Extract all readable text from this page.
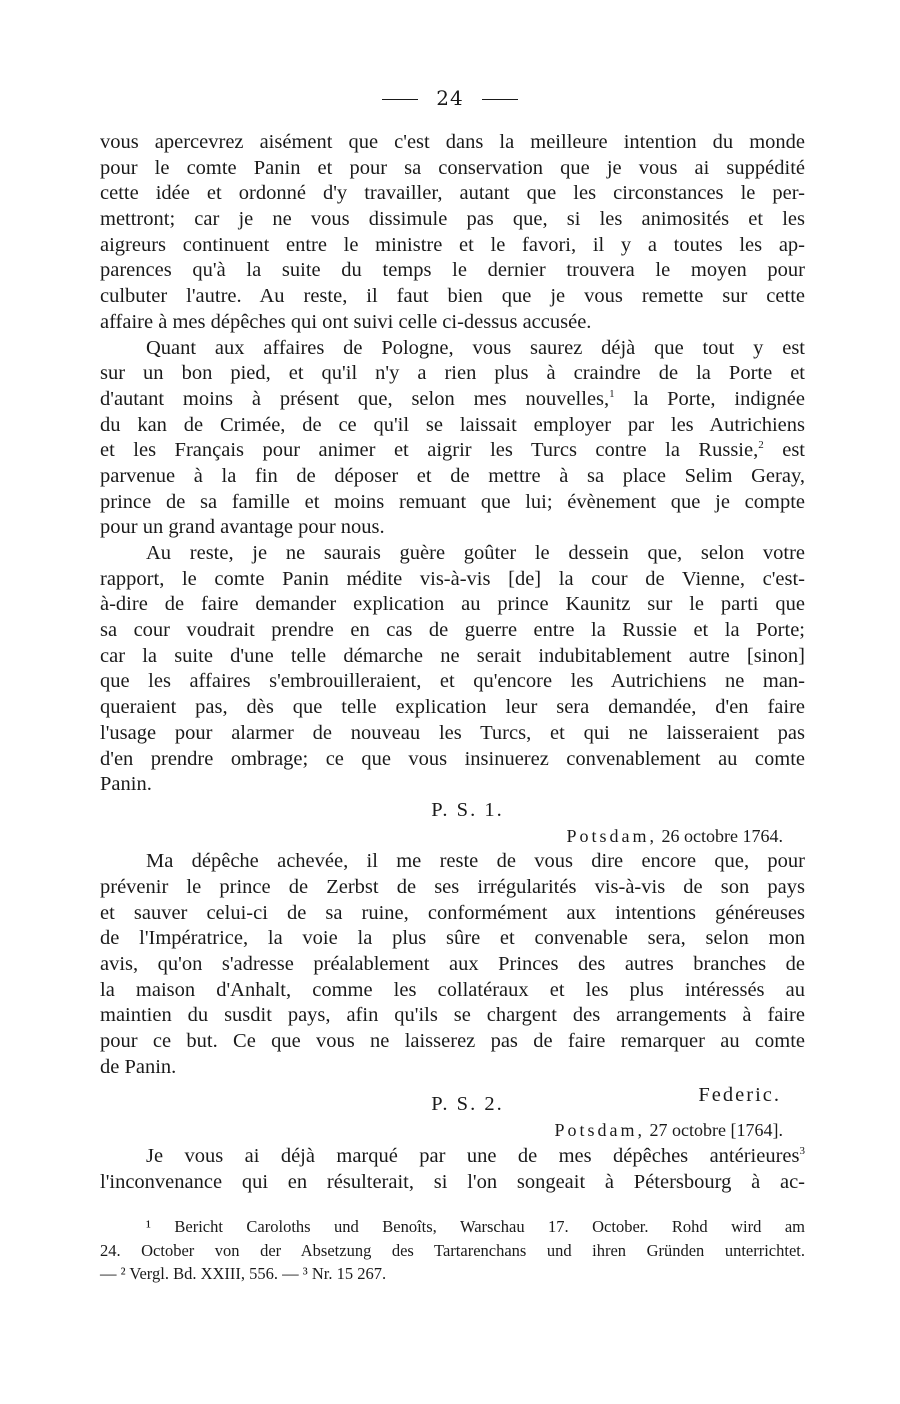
24
vous apercevrez aisément que c'est dans la meilleure intention du monde
pour le comte Panin et pour sa conservation que je vous ai suppédité
cette idée et ordonné d'y travailler, autant que les circonstances le per-
mettront; car je ne vous dissimule pas que, si les animosités et les
aigreurs continuent entre le ministre et le favori, il y a toutes les ap-
parences qu'à la suite du temps le dernier trouvera le moyen pour
culbuter l'autre. Au reste, il faut bien que je vous remette sur cette
affaire à mes dépêches qui ont suivi celle ci-dessus accusée.
Quant aux affaires de Pologne, vous saurez déjà que tout y est
sur un bon pied, et qu'il n'y a rien plus à craindre de la Porte et
d'autant moins à présent que, selon mes nouvelles,$^1$ la Porte, indignée
du kan de Crimée, de ce qu'il se laissait employer par les Autrichiens
et les Français pour animer et aigrir les Turcs contre la Russie,$^2$ est
parvenue à la fin de déposer et de mettre à sa place Selim Geray,
prince de sa famille et moins remuant que lui; évènement que je compte
pour un grand avantage pour nous.
Au reste, je ne saurais guère goûter le dessein que, selon votre
rapport, le comte Panin médite vis-à-vis [de] la cour de Vienne, c'est-
à-dire de faire demander explication au prince Kaunitz sur le parti que
sa cour voudrait prendre en cas de guerre entre la Russie et la Porte;
car la suite d'une telle démarche ne serait indubitablement autre [sinon]
que les affaires s'embrouilleraient, et qu'encore les Autrichiens ne man-
queraient pas, dès que telle explication leur sera demandée, d'en faire
l'usage pour alarmer de nouveau les Turcs, et qui ne laisseraient pas
d'en prendre ombrage; ce que vous insinuerez convenablement au comte
Panin.
P. S. 1.
Potsdam, 26 octobre 1764.
Ma dépêche achevée, il me reste de vous dire encore que, pour
prévenir le prince de Zerbst de ses irrégularités vis-à-vis de son pays
et sauver celui-ci de sa ruine, conformément aux intentions généreuses
de l'Impératrice, la voie la plus sûre et convenable sera, selon mon
avis, qu'on s'adresse préalablement aux Princes des autres branches de
la maison d'Anhalt, comme les collatéraux et les plus intéressés au
maintien du susdit pays, afin qu'ils se chargent des arrangements à faire
pour ce but. Ce que vous ne laisserez pas de faire remarquer au comte
de Panin.
Federic.
P. S. 2.
Potsdam, 27 octobre [1764].
Je vous ai déjà marqué par une de mes dépêches antérieures$^3$
l'inconvenance qui en résulterait, si l'on songeait à Pétersbourg à ac-
¹ Bericht Caroloths und Benoîts, Warschau 17. October. Rohd wird am
24. October von der Absetzung des Tartarenchans und ihren Gründen unterrichtet.
— ² Vergl. Bd. XXIII, 556. — ³ Nr. 15 267.
